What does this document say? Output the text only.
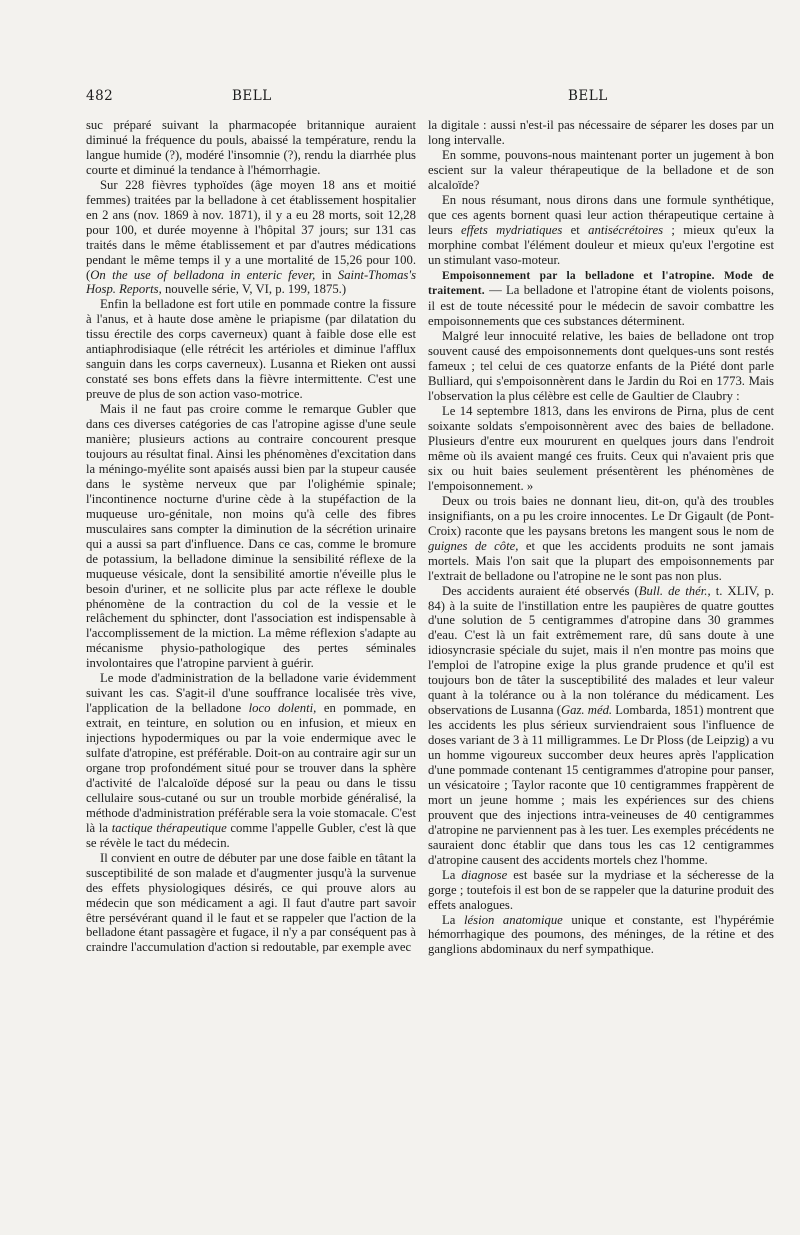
482	BELL	BELL

suc préparé suivant la pharmacopée britannique auraient diminué la fréquence du pouls, abaissé la température, rendu la langue humide (?), modéré l'insomnie (?), rendu la diarrhée plus courte et diminué la tendance à l'hémorrhagie.

Sur 228 fièvres typhoïdes (âge moyen 18 ans et moitié femmes) traitées par la belladone à cet établissement hospitalier en 2 ans (nov. 1869 à nov. 1871), il y a eu 28 morts, soit 12,28 pour 100, et durée moyenne à l'hôpital 37 jours; sur 131 cas traités dans le même établissement et par d'autres médications pendant le même temps il y a une mortalité de 15,26 pour 100. (On the use of belladona in enteric fever, in Saint-Thomas's Hosp. Reports, nouvelle série, V, VI, p. 199, 1875.)

Enfin la belladone est fort utile en pommade contre la fissure à l'anus, et à haute dose amène le priapisme (par dilatation du tissu érectile des corps caverneux) quant à faible dose elle est antiaphrodisiaque (elle rétrécit les artérioles et diminue l'afflux sanguin dans les corps caverneux). Lusanna et Rieken ont aussi constaté ses bons effets dans la fièvre intermittente. C'est une preuve de plus de son action vaso-motrice.

Mais il ne faut pas croire comme le remarque Gubler que dans ces diverses catégories de cas l'atropine agisse d'une seule manière; plusieurs actions au contraire concourent presque toujours au résultat final. Ainsi les phénomènes d'excitation dans la méningo-myélite sont apaisés aussi bien par la stupeur causée dans le système nerveux que par l'olighémie spinale; l'incontinence nocturne d'urine cède à la stupéfaction de la muqueuse uro-génitale, non moins qu'à celle des fibres musculaires sans compter la diminution de la sécrétion urinaire qui a aussi sa part d'influence. Dans ce cas, comme le bromure de potassium, la belladone diminue la sensibilité réflexe de la muqueuse vésicale, dont la sensibilité amortie n'éveille plus le besoin d'uriner, et ne sollicite plus par acte réflexe le double phénomène de la contraction du col de la vessie et le relâchement du sphincter, dont l'association est indispensable à l'accomplissement de la miction. La même réflexion s'adapte au mécanisme physio-pathologique des pertes séminales involontaires que l'atropine parvient à guérir.

Le mode d'administration de la belladone varie évidemment suivant les cas. S'agit-il d'une souffrance localisée très vive, l'application de la belladone loco dolenti, en pommade, en extrait, en teinture, en solution ou en infusion, et mieux en injections hypodermiques ou par la voie endermique avec le sulfate d'atropine, est préférable. Doit-on au contraire agir sur un organe trop profondément situé pour se trouver dans la sphère d'activité de l'alcaloïde déposé sur la peau ou dans le tissu cellulaire sous-cutané ou sur un trouble morbide généralisé, la méthode d'administration préférable sera la voie stomacale. C'est là la tactique thérapeutique comme l'appelle Gubler, c'est là que se révèle le tact du médecin.

Il convient en outre de débuter par une dose faible en tâtant la susceptibilité de son malade et d'augmenter jusqu'à la survenue des effets physiologiques désirés, ce qui prouve alors au médecin que son médicament a agi. Il faut d'autre part savoir être persévérant quand il le faut et se rappeler que l'action de la belladone étant passagère et fugace, il n'y a par conséquent pas à craindre l'accumulation d'action si redoutable, par exemple avec

la digitale : aussi n'est-il pas nécessaire de séparer les doses par un long intervalle.

En somme, pouvons-nous maintenant porter un jugement à bon escient sur la valeur thérapeutique de la belladone et de son alcaloïde?

En nous résumant, nous dirons dans une formule synthétique, que ces agents bornent quasi leur action thérapeutique certaine à leurs effets mydriatiques et antisécrétoires ; mieux qu'eux la morphine combat l'élément douleur et mieux qu'eux l'ergotine est un stimulant vaso-moteur.

Empoisonnement par la belladone et l'atropine. Mode de traitement. — La belladone et l'atropine étant de violents poisons, il est de toute nécessité pour le médecin de savoir combattre les empoisonnements que ces substances déterminent.

Malgré leur innocuité relative, les baies de belladone ont trop souvent causé des empoisonnements dont quelques-uns sont restés fameux ; tel celui de ces quatorze enfants de la Piété dont parle Bulliard, qui s'empoisonnèrent dans le Jardin du Roi en 1773. Mais l'observation la plus célèbre est celle de Gaultier de Claubry :

Le 14 septembre 1813, dans les environs de Pirna, plus de cent soixante soldats s'empoisonnèrent avec des baies de belladone. Plusieurs d'entre eux moururent en quelques jours dans l'endroit même où ils avaient mangé ces fruits. Ceux qui n'avaient pris que six ou huit baies seulement présentèrent les phénomènes de l'empoisonnement. »

Deux ou trois baies ne donnant lieu, dit-on, qu'à des troubles insignifiants, on a pu les croire innocentes. Le Dr Gigault (de Pont-Croix) raconte que les paysans bretons les mangent sous le nom de guignes de côte, et que les accidents produits ne sont jamais mortels. Mais l'on sait que la plupart des empoisonnements par l'extrait de belladone ou l'atropine ne le sont pas non plus.

Des accidents auraient été observés (Bull. de thér., t. XLIV, p. 84) à la suite de l'instillation entre les paupières de quatre gouttes d'une solution de 5 centigrammes d'atropine dans 30 grammes d'eau. C'est là un fait extrêmement rare, dû sans doute à une idiosyncrasie spéciale du sujet, mais il n'en montre pas moins que l'emploi de l'atropine exige la plus grande prudence et qu'il est toujours bon de tâter la susceptibilité des malades et leur valeur quant à la tolérance ou à la non tolérance du médicament. Les observations de Lusanna (Gaz. méd. Lombarda, 1851) montrent que les accidents les plus sérieux surviendraient sous l'influence de doses variant de 3 à 11 milligrammes. Le Dr Ploss (de Leipzig) a vu un homme vigoureux succomber deux heures après l'application d'une pommade contenant 15 centigrammes d'atropine pour panser, un vésicatoire ; Taylor raconte que 10 centigrammes frappèrent de mort un jeune homme ; mais les expériences sur des chiens prouvent que des injections intra-veineuses de 40 centigrammes d'atropine ne parviennent pas à les tuer. Les exemples précédents ne sauraient donc établir que dans tous les cas 12 centigrammes d'atropine causent des accidents mortels chez l'homme.

La diagnose est basée sur la mydriase et la sécheresse de la gorge ; toutefois il est bon de se rappeler que la daturine produit des effets analogues.

La lésion anatomique unique et constante, est l'hypérémie hémorrhagique des poumons, des méninges, de la rétine et des ganglions abdominaux du nerf sympathique.
